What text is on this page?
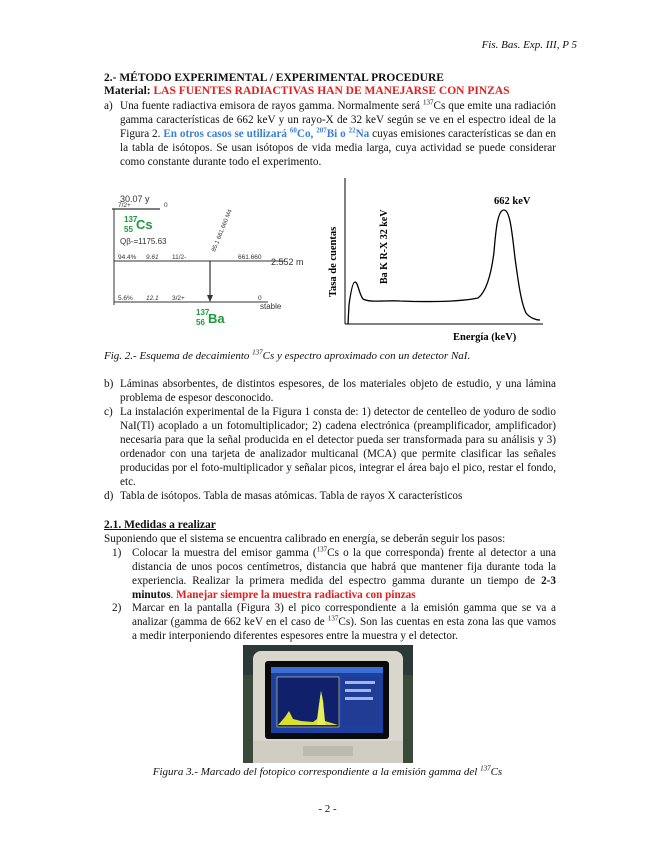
Fis. Bas. Exp. III, P 5
2.- MÉTODO EXPERIMENTAL / EXPERIMENTAL PROCEDURE
Material: LAS FUENTES RADIACTIVAS HAN DE MANEJARSE CON PINZAS
a) Una fuente radiactiva emisora de rayos gamma. Normalmente será $^{137}$Cs que emite una radiación gamma características de 662 keV y un rayo-X de 32 keV según se ve en el espectro ideal de la Figura 2. En otros casos se utilizará $^{60}$Co, $^{207}$Bi o $^{22}$Na cuyas emisiones características se dan en la tabla de isótopos. Se usan isótopos de vida media larga, cuya actividad se puede considerar como constante durante todo el experimento.
30.07 y
7/2+	0
137
55 Cs
Qβ-=1175.63
94.4% 9.61 11/2-	661.660 2.552 m
85.1 661.660 M4
5.6% 12.1 3/2+	0
stable
137
56 Ba
Tasa de cuentas	Ba K R-X 32 keV
662 keV
Energía (keV)
Fig. 2.- Esquema de decaimiento $^{137}$Cs y espectro aproximado con un detector NaI.
b) Láminas absorbentes, de distintos espesores, de los materiales objeto de estudio, y una lámina problema de espesor desconocido.
c) La instalación experimental de la Figura 1 consta de: 1) detector de centelleo de yoduro de sodio NaI(Tl) acoplado a un fotomultiplicador; 2) cadena electrónica (preamplificador, amplificador) necesaria para que la señal producida en el detector pueda ser transformada para su análisis y 3) ordenador con una tarjeta de analizador multicanal (MCA) que permite clasificar las señales producidas por el foto-multiplicador y señalar picos, integrar el área bajo el pico, restar el fondo, etc.
d) Tabla de isótopos. Tabla de masas atómicas. Tabla de rayos X característicos
2.1. Medidas a realizar
Suponiendo que el sistema se encuentra calibrado en energía, se deberán seguir los pasos:
1) Colocar la muestra del emisor gamma ($^{137}$Cs o la que corresponda) frente al detector a una distancia de unos pocos centímetros, distancia que habrá que mantener fija durante toda la experiencia. Realizar la primera medida del espectro gamma durante un tiempo de 2-3 minutos. Manejar siempre la muestra radiactiva con pinzas
2) Marcar en la pantalla (Figura 3) el pico correspondiente a la emisión gamma que se va a analizar (gamma de 662 keV en el caso de $^{137}$Cs). Son las cuentas en esta zona las que vamos a medir interponiendo diferentes espesores entre la muestra y el detector.
Figura 3.- Marcado del fotopico correspondiente a la emisión gamma del $^{137}$Cs
- 2 -
